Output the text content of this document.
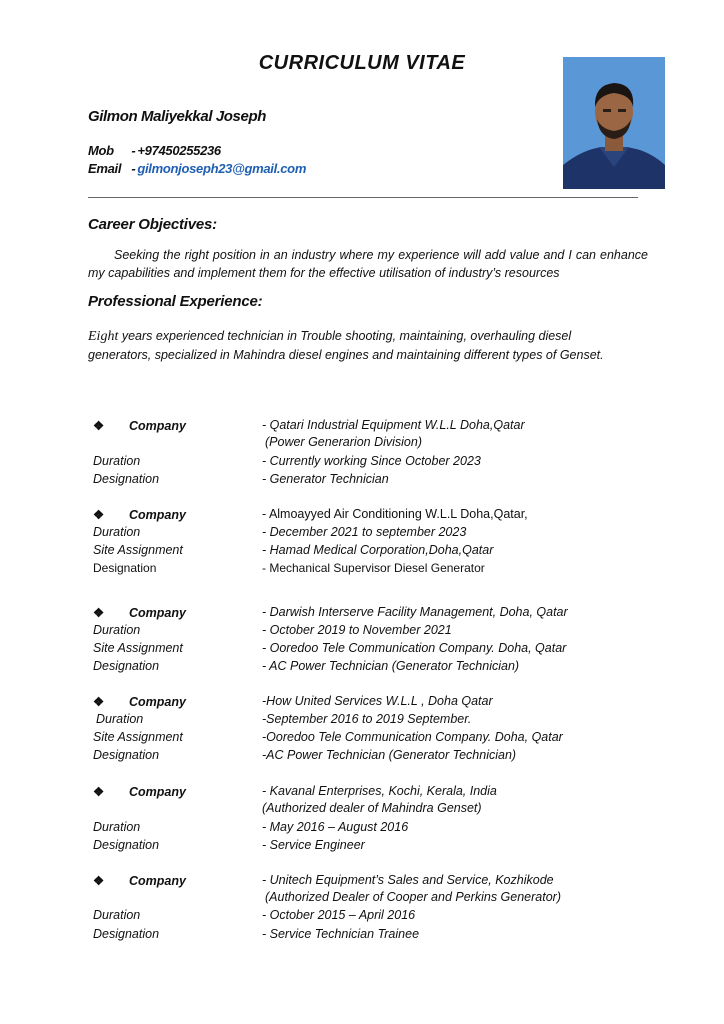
CURRICULUM VITAE
Gilmon Maliyekkal Joseph
Mob - +97450255236
Email - gilmonjoseph23@gmail.com
Career Objectives:
Seeking the right position in an industry where my experience will add value and I can enhance my capabilities and implement them for the effective utilisation of industry’s resources
Professional Experience:
Eight years experienced technician in Trouble shooting, maintaining, overhauling diesel generators, specialized in Mahindra diesel engines and maintaining different types of Genset.
❖ Company	- Qatari Industrial Equipment W.L.L Doha,Qatar
(Power Generarion Division)
Duration	- Currently working Since October 2023
Designation	- Generator Technician
❖ Company	- Almoayyed Air Conditioning W.L.L Doha,Qatar,
Duration	- December 2021 to september 2023
Site Assignment	- Hamad Medical Corporation,Doha,Qatar
Designation	- Mechanical Supervisor Diesel Generator
❖ Company	- Darwish Interserve Facility Management, Doha, Qatar
Duration	- October 2019 to November 2021
Site Assignment	- Ooredoo Tele Communication Company. Doha, Qatar
Designation	- AC Power Technician (Generator Technician)
❖ Company	-How United Services W.L.L , Doha Qatar
Duration	-September 2016 to 2019 September.
Site Assignment	-Ooredoo Tele Communication Company. Doha, Qatar
Designation	-AC Power Technician (Generator Technician)
❖ Company	- Kavanal Enterprises, Kochi, Kerala, India
(Authorized dealer of Mahindra Genset)
Duration	- May 2016 – August 2016
Designation	- Service Engineer
❖ Company	- Unitech Equipment’s Sales and Service, Kozhikode
(Authorized Dealer of Cooper and Perkins Generator)
Duration	- October 2015 – April 2016
Designation	- Service Technician Trainee
